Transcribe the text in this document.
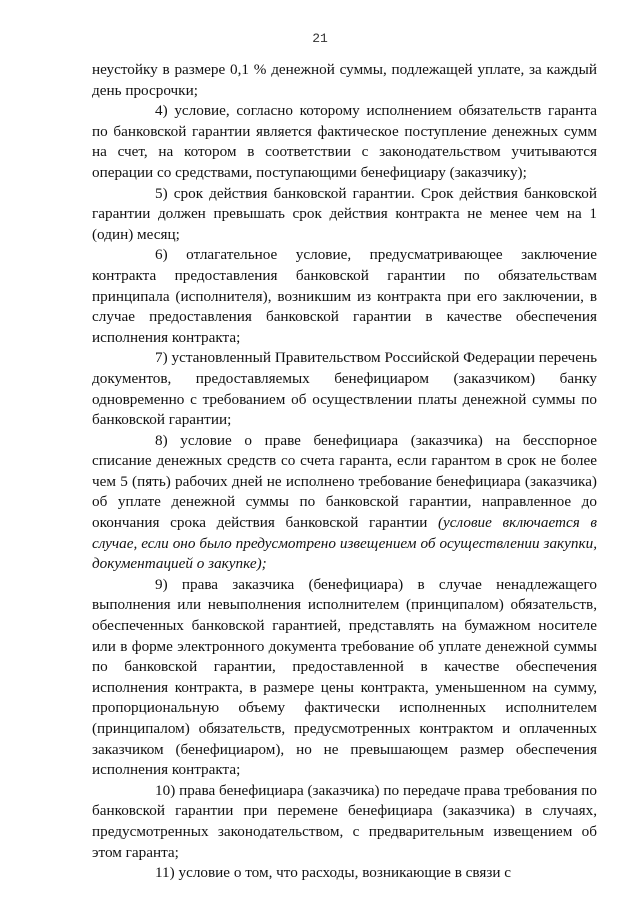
21

неустойку в размере 0,1 % денежной суммы, подлежащей уплате, за каждый день просрочки;

4) условие, согласно которому исполнением обязательств гаранта по банковской гарантии является фактическое поступление денежных сумм на счет, на котором в соответствии с законодательством учитываются операции со средствами, поступающими бенефициару (заказчику);

5) срок действия банковской гарантии. Срок действия банковской гарантии должен превышать срок действия контракта не менее чем на 1 (один) месяц;

6) отлагательное условие, предусматривающее заключение контракта предоставления банковской гарантии по обязательствам принципала (исполнителя), возникшим из контракта при его заключении, в случае предоставления банковской гарантии в качестве обеспечения исполнения контракта;

7) установленный Правительством Российской Федерации перечень документов, предоставляемых бенефициаром (заказчиком) банку одновременно с требованием об осуществлении платы денежной суммы по банковской гарантии;

8) условие о праве бенефициара (заказчика) на бесспорное списание денежных средств со счета гаранта, если гарантом в срок не более чем 5 (пять) рабочих дней не исполнено требование бенефициара (заказчика) об уплате денежной суммы по банковской гарантии, направленное до окончания срока действия банковской гарантии (условие включается в случае, если оно было предусмотрено извещением об осуществлении закупки, документацией о закупке);

9) права заказчика (бенефициара) в случае ненадлежащего выполнения или невыполнения исполнителем (принципалом) обязательств, обеспеченных банковской гарантией, представлять на бумажном носителе или в форме электронного документа требование об уплате денежной суммы по банковской гарантии, предоставленной в качестве обеспечения исполнения контракта, в размере цены контракта, уменьшенном на сумму, пропорциональную объему фактически исполненных исполнителем (принципалом) обязательств, предусмотренных контрактом и оплаченных заказчиком (бенефициаром), но не превышающем размер обеспечения исполнения контракта;

10) права бенефициара (заказчика) по передаче права требования по банковской гарантии при перемене бенефициара (заказчика) в случаях, предусмотренных законодательством, с предварительным извещением об этом гаранта;

11) условие о том, что расходы, возникающие в связи с
